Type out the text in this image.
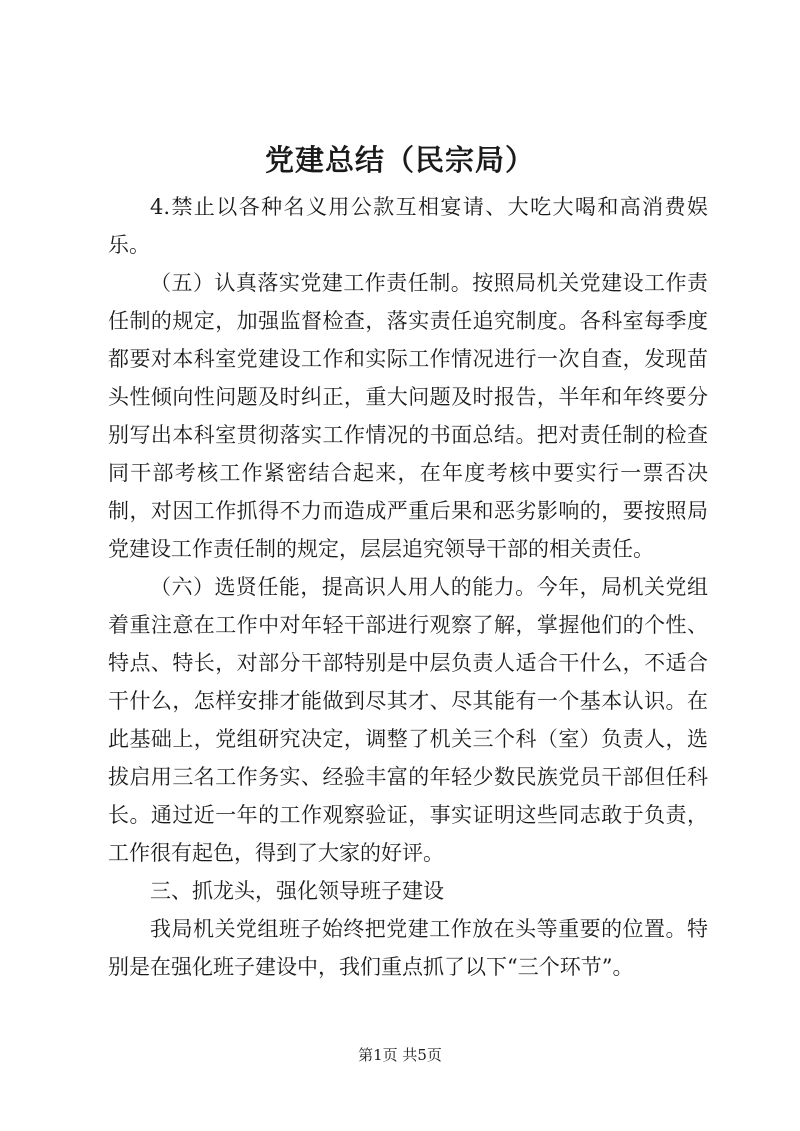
党建总结（民宗局）

4.禁止以各种名义用公款互相宴请、大吃大喝和高消费娱乐。

（五）认真落实党建工作责任制。按照局机关党建设工作责任制的规定，加强监督检查，落实责任追究制度。各科室每季度都要对本科室党建设工作和实际工作情况进行一次自查，发现苗头性倾向性问题及时纠正，重大问题及时报告，半年和年终要分别写出本科室贯彻落实工作情况的书面总结。把对责任制的检查同干部考核工作紧密结合起来，在年度考核中要实行一票否决制，对因工作抓得不力而造成严重后果和恶劣影响的，要按照局党建设工作责任制的规定，层层追究领导干部的相关责任。

（六）选贤任能，提高识人用人的能力。今年，局机关党组着重注意在工作中对年轻干部进行观察了解，掌握他们的个性、特点、特长，对部分干部特别是中层负责人适合干什么，不适合干什么，怎样安排才能做到尽其才、尽其能有一个基本认识。在此基础上，党组研究决定，调整了机关三个科（室）负责人，选拔启用三名工作务实、经验丰富的年轻少数民族党员干部但任科长。通过近一年的工作观察验证，事实证明这些同志敢于负责，工作很有起色，得到了大家的好评。

三、抓龙头，强化领导班子建设

我局机关党组班子始终把党建工作放在头等重要的位置。特别是在强化班子建设中，我们重点抓了以下“三个环节”。

第1页 共5页
